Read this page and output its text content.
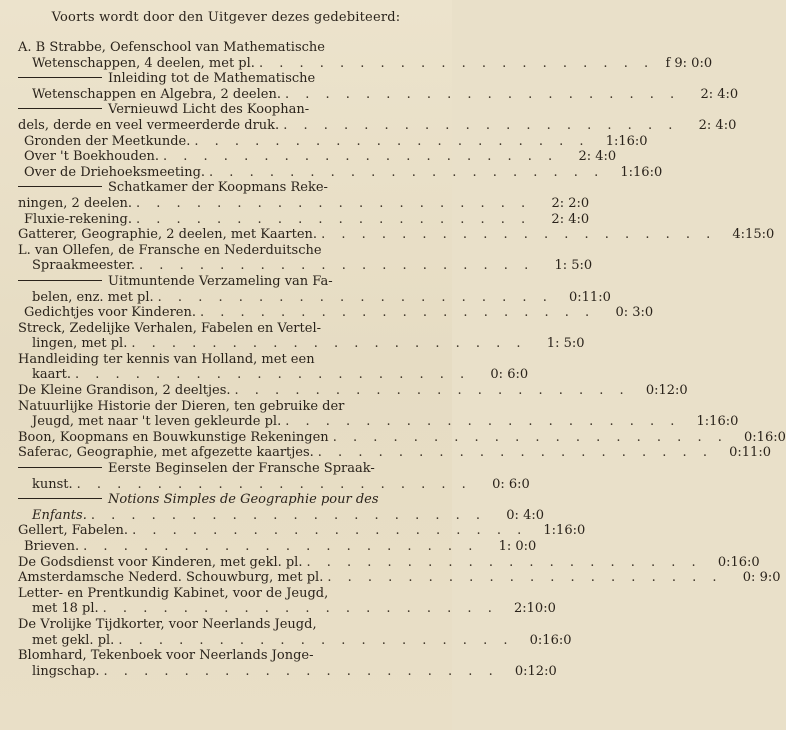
Voorts wordt door den Uitgever dezes gedebiteerd:
A. B Strabbe, Oefenschool van Mathematische
Wetenschappen, 4 deelen, met pl. . . . . . . . . . . . . . . . . . . . . f 9: 0:0
Inleiding tot de Mathematische
Wetenschappen en Algebra, 2 deelen. . . . . . . . . . . . . . . . . . . . .	2: 4:0
Vernieuwd Licht des Koophan-
dels, derde en veel vermeerderde druk. . . . . . . . . . . . . . . . . . . . .	2: 4:0
Gronden der Meetkunde. . . . . . . . . . . . . . . . . . . . .	1:16:0
Over 't Boekhouden. . . . . . . . . . . . . . . . . . . . .	2: 4:0
Over de Driehoeksmeeting. . . . . . . . . . . . . . . . . . . . .	1:16:0
Schatkamer der Koopmans Reke-
ningen, 2 deelen. . . . . . . . . . . . . . . . . . . . .	2: 2:0
Fluxie-rekening. . . . . . . . . . . . . . . . . . . . .	2: 4:0
Gatterer, Geographie, 2 deelen, met Kaarten. . . . . . . . . . . . . . . . . . . . .	4:15:0
L. van Ollefen, de Fransche en Nederduitsche
Spraakmeester. . . . . . . . . . . . . . . . . . . . .	1: 5:0
Uitmuntende Verzameling van Fa-
belen, enz. met pl. . . . . . . . . . . . . . . . . . . . .	0:11:0
Gedichtjes voor Kinderen. . . . . . . . . . . . . . . . . . . . .	0: 3:0
Streck, Zedelijke Verhalen, Fabelen en Vertel-
lingen, met pl. . . . . . . . . . . . . . . . . . . . .	1: 5:0
Handleiding ter kennis van Holland, met een
kaart. . . . . . . . . . . . . . . . . . . . .	0: 6:0
De Kleine Grandison, 2 deeltjes. . . . . . . . . . . . . . . . . . . . .	0:12:0
Natuurlijke Historie der Dieren, ten gebruike der
Jeugd, met naar 't leven gekleurde pl. . . . . . . . . . . . . . . . . . . . .	1:16:0
Boon, Koopmans en Bouwkunstige Rekeningen . . . . . . . . . . . . . . . . . . . .	0:16:0
Saferac, Geographie, met afgezette kaartjes. . . . . . . . . . . . . . . . . . . . .	0:11:0
Eerste Beginselen der Fransche Spraak-
kunst. . . . . . . . . . . . . . . . . . . . .	0: 6:0
Notions Simples de Geographie pour des
Enfants. . . . . . . . . . . . . . . . . . . . .	0: 4:0
Gellert, Fabelen. . . . . . . . . . . . . . . . . . . . .	1:16:0
Brieven. . . . . . . . . . . . . . . . . . . . .	1: 0:0
De Godsdienst voor Kinderen, met gekl. pl. . . . . . . . . . . . . . . . . . . . .	0:16:0
Amsterdamsche Nederd. Schouwburg, met pl. . . . . . . . . . . . . . . . . . . . .	0: 9:0
Letter- en Prentkundig Kabinet, voor de Jeugd,
met 18 pl. . . . . . . . . . . . . . . . . . . . .	2:10:0
De Vrolijke Tijdkorter, voor Neerlands Jeugd,
met gekl. pl. . . . . . . . . . . . . . . . . . . . .	0:16:0
Blomhard, Tekenboek voor Neerlands Jonge-
lingschap. . . . . . . . . . . . . . . . . . . . .	0:12:0
